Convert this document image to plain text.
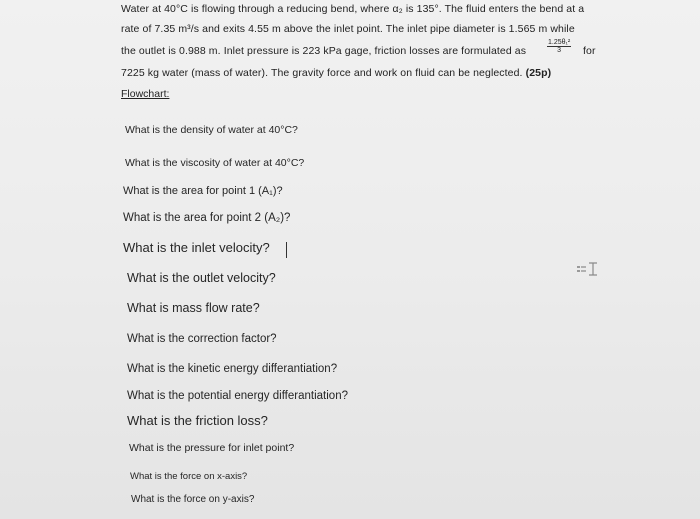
Water at 40°C is flowing through a reducing bend, where α₂ is 135°. The fluid enters the bend at a
rate of 7.35 m³/s and exits 4.55 m above the inlet point. The inlet pipe diameter is 1.565 m while
the outlet is 0.988 m. Inlet pressure is 223 kPa gage, friction losses are formulated as	$\frac{\text{1.25θ₁²}}{3}$ for
7225 kg water (mass of water). The gravity force and work on fluid can be neglected. (25p)
Flowchart:
What is the density of water at 40°C?
What is the viscosity of water at 40°C?
What is the area for point 1 (A₁)?
What is the area for point 2 (A₂)?
What is the inlet velocity?
What is the outlet velocity?
What is mass flow rate?
What is the correction factor?
What is the kinetic energy differantiation?
What is the potential energy differantiation?
What is the friction loss?
What is the pressure for inlet point?
What is the force on x-axis?
What is the force on y-axis?
